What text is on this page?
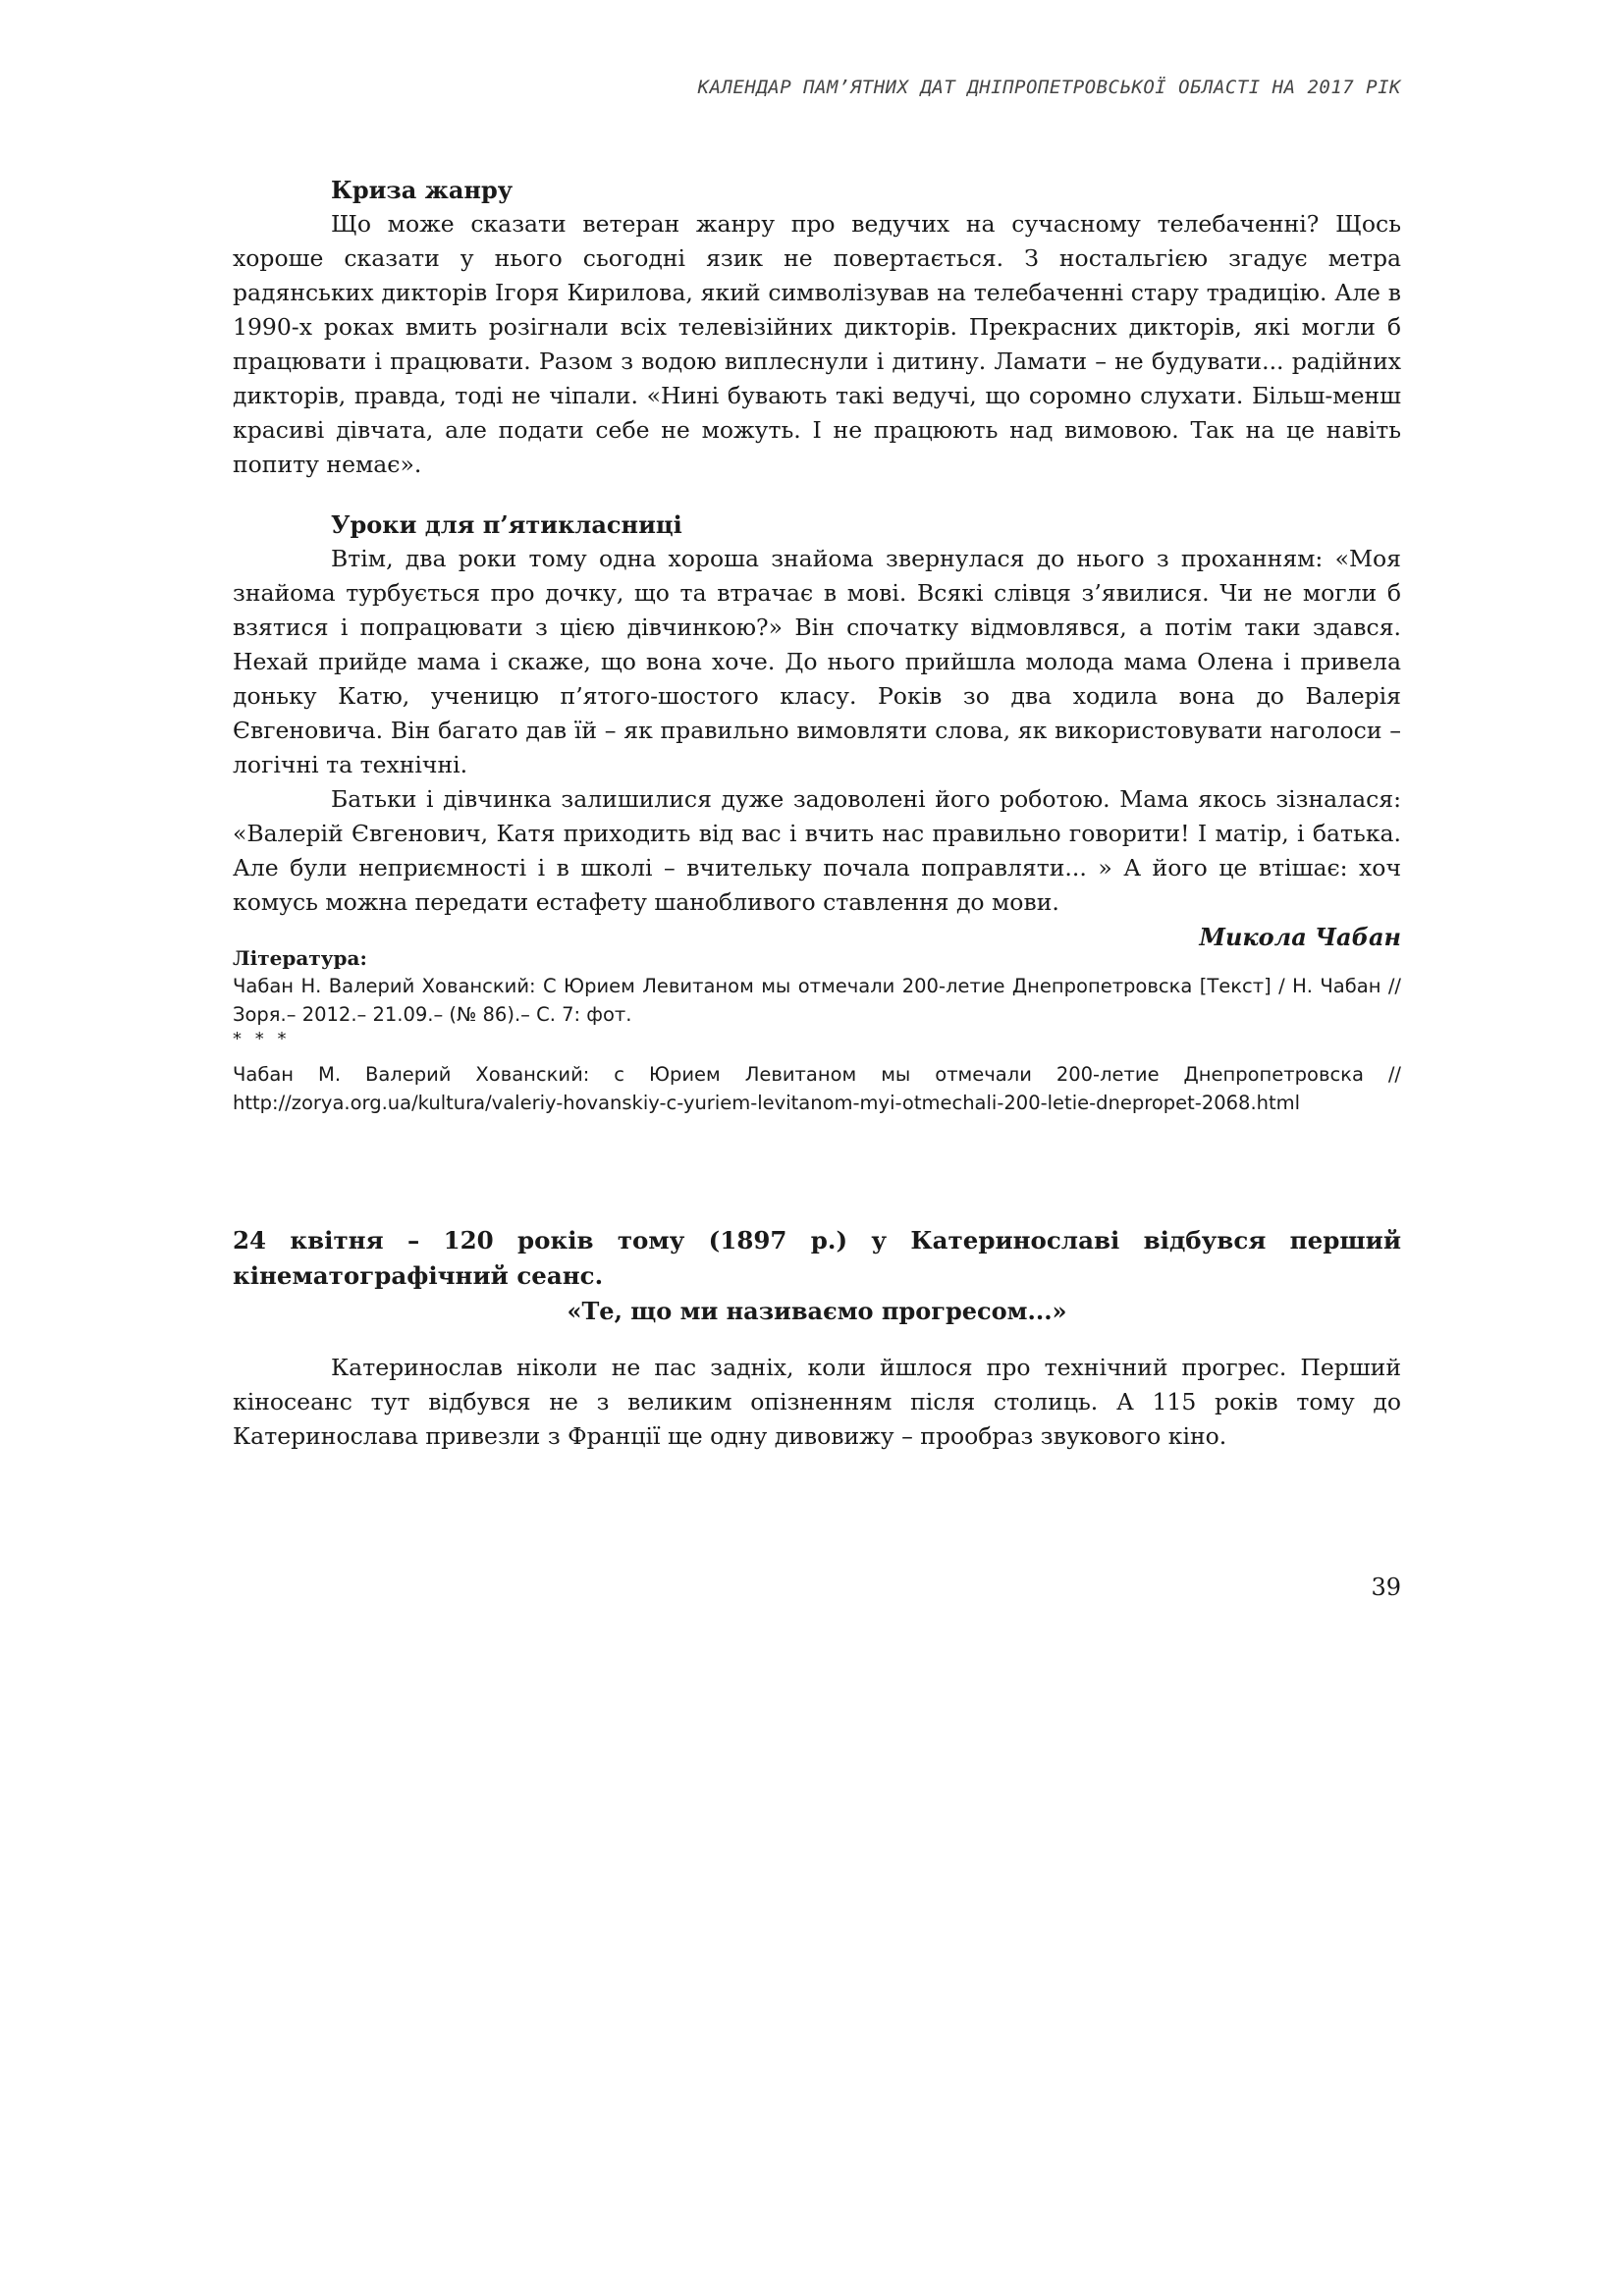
КАЛЕНДАР ПАМ’ЯТНИХ ДАТ ДНІПРОПЕТРОВСЬКОЇ ОБЛАСТІ НА 2017 РІК
Криза жанру

Що може сказати ветеран жанру про ведучих на сучасному телебаченні? Щось хороше сказати у нього сьогодні язик не повертається. З ностальгією згадує метра радянських дикторів Ігоря Кирилова, який символізував на телебаченні стару традицію. Але в 1990-х роках вмить розігнали всіх телевізійних дикторів. Прекрасних дикторів, які могли б працювати і працювати. Разом з водою виплеснули і дитину. Ламати – не будувати... радійних дикторів, правда, тоді не чіпали. «Нині бувають такі ведучі, що соромно слухати. Більш-менш красиві дівчата, але подати себе не можуть. І не працюють над вимовою. Так на це навіть попиту немає».

Уроки для п’ятикласниці

Втім, два роки тому одна хороша знайома звернулася до нього з проханням: «Моя знайома турбується про дочку, що та втрачає в мові. Всякі слівця з’явилися. Чи не могли б взятися і попрацювати з цією дівчинкою?» Він спочатку відмовлявся, а потім таки здався. Нехай прийде мама і скаже, що вона хоче. До нього прийшла молода мама Олена і привела доньку Катю, ученицю п’ятого-шостого класу. Років зо два ходила вона до Валерія Євгеновича. Він багато дав їй – як правильно вимовляти слова, як використовувати наголоси – логічні та технічні.

Батьки і дівчинка залишилися дуже задоволені його роботою. Мама якось зізналася: «Валерій Євгенович, Катя приходить від вас і вчить нас правильно говорити! І матір, і батька. Але були неприємності і в школі – вчительку почала поправляти... » А його це втішає: хоч комусь можна передати естафету шанобливого ставлення до мови.

Микола Чабан

Література:

Чабан Н. Валерий Хованский: С Юрием Левитаном мы отмечали 200-летие Днепропетровска [Текст] / Н. Чабан // Зоря.– 2012.– 21.09.– (№ 86).– С. 7: фот.

* * *

Чабан М. Валерий Хованский: с Юрием Левитаном мы отмечали 200-летие Днепропетровска // http://zorya.org.ua/kultura/valeriy-hovanskiy-c-yuriem-levitanom-myi-otmechali-200-letie-dnepropet-2068.html

24 квітня – 120 років тому (1897 р.) у Катеринославі відбувся перший кінематографічний сеанс.

«Те, що ми називаємо прогресом...»

Катеринослав ніколи не пас задніх, коли йшлося про технічний прогрес. Перший кіносеанс тут відбувся не з великим опізненням після столиць. А 115 років тому до Катеринослава привезли з Франції ще одну дивовижу – прообраз звукового кіно.

39
